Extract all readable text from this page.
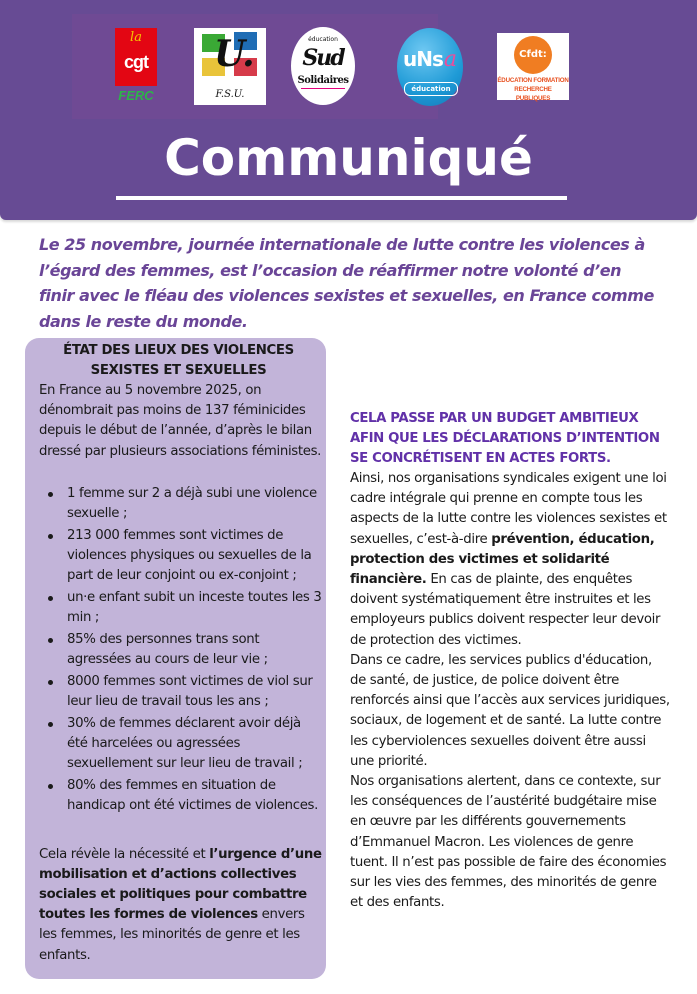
la
cgt
FERC
U.
F.S.U.
éducation
Sud
Solidaires
uNsa
éducation
Cfdt:
ÉDUCATION FORMATION
RECHERCHE PUBLIQUES
Communiqué

Le 25 novembre, journée internationale de lutte contre les violences à l’égard des femmes, est l’occasion de réaffirmer notre volonté d’en finir avec le fléau des violences sexistes et sexuelles, en France comme dans le reste du monde.

ÉTAT DES LIEUX DES VIOLENCES SEXISTES ET SEXUELLES
En France au 5 novembre 2025, on dénombrait pas moins de 137 féminicides depuis le début de l’année, d’après le bilan dressé par plusieurs associations féministes.
1 femme sur 2 a déjà subi une violence sexuelle ;
213 000 femmes sont victimes de violences physiques ou sexuelles de la part de leur conjoint ou ex-conjoint ;
un·e enfant subit un inceste toutes les 3 min ;
85% des personnes trans sont agressées au cours de leur vie ;
8000 femmes sont victimes de viol sur leur lieu de travail tous les ans ;
30% de femmes déclarent avoir déjà été harcelées ou agressées sexuellement sur leur lieu de travail ;
80% des femmes en situation de handicap ont été victimes de violences.
Cela révèle la nécessité et l’urgence d’une mobilisation et d’actions collectives sociales et politiques pour combattre toutes les formes de violences envers les femmes, les minorités de genre et les enfants.
CELA PASSE PAR UN BUDGET AMBITIEUX AFIN QUE LES DÉCLARATIONS D’INTENTION SE CONCRÉTISENT EN ACTES FORTS.

Ainsi, nos organisations syndicales exigent une loi cadre intégrale qui prenne en compte tous les aspects de la lutte contre les violences sexistes et sexuelles, c’est-à-dire prévention, éducation, protection des victimes et solidarité financière. En cas de plainte, des enquêtes doivent systématiquement être instruites et les employeurs publics doivent respecter leur devoir de protection des victimes.

Dans ce cadre, les services publics d'éducation, de santé, de justice, de police doivent être renforcés ainsi que l’accès aux services juridiques, sociaux, de logement et de santé. La lutte contre les cyberviolences sexuelles doivent être aussi une priorité.

Nos organisations alertent, dans ce contexte, sur les conséquences de l’austérité budgétaire mise en œuvre par les différents gouvernements d’Emmanuel Macron. Les violences de genre tuent. Il n’est pas possible de faire des économies sur les vies des femmes, des minorités de genre et des enfants.
